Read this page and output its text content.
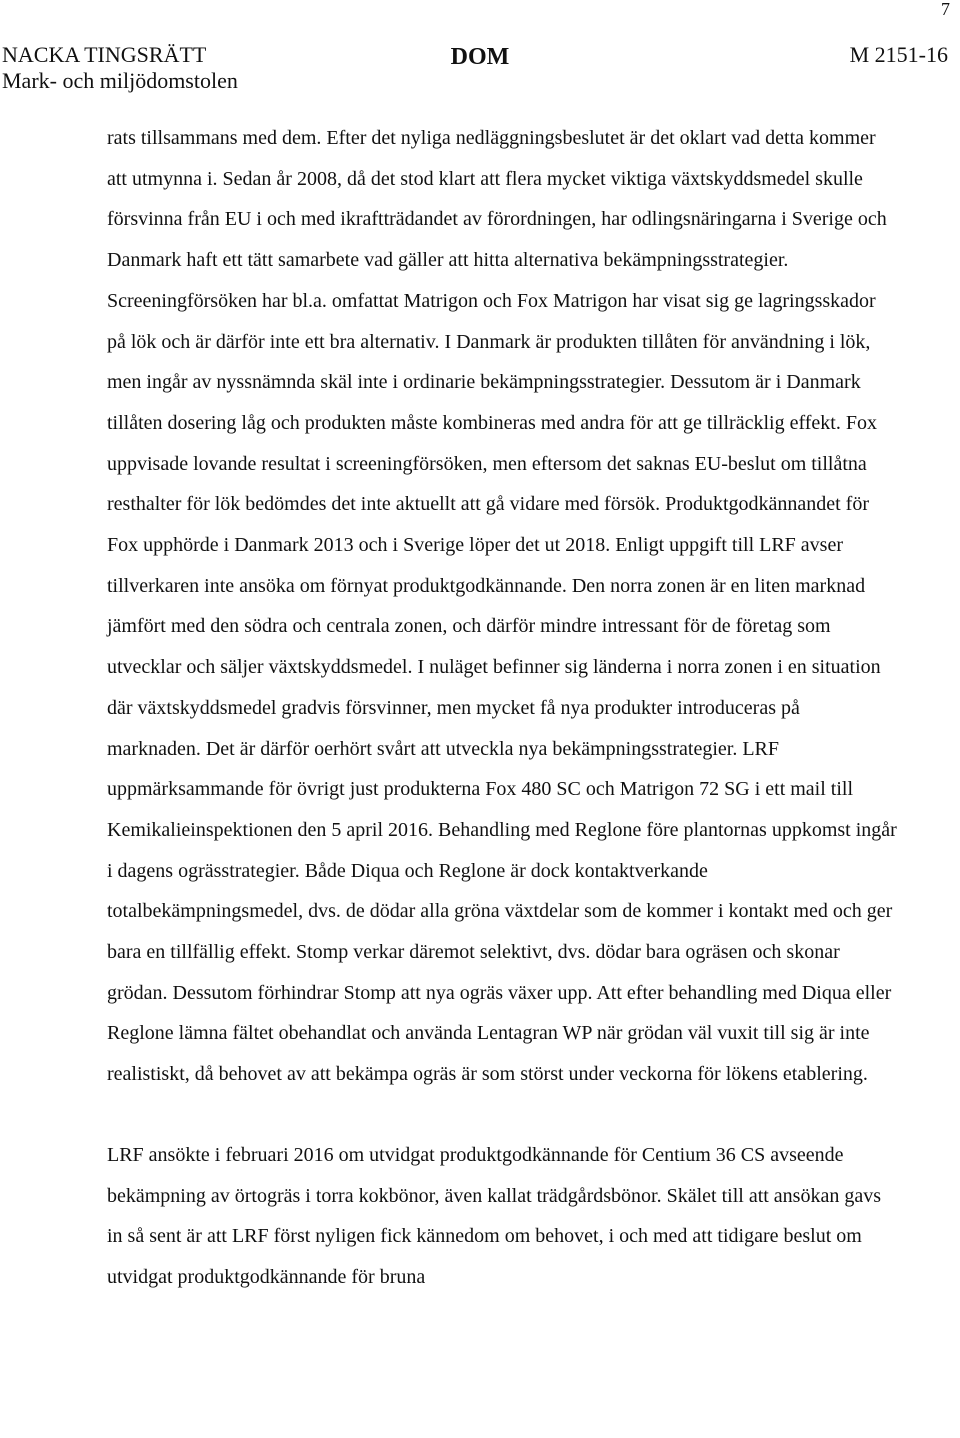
7
NACKA TINGSRÄTT
Mark- och miljödomstolen
DOM	M 2151-16

rats tillsammans med dem. Efter det nyliga nedläggningsbeslutet är det oklart vad detta kommer att utmynna i. Sedan år 2008, då det stod klart att flera mycket viktiga växtskyddsmedel skulle försvinna från EU i och med ikraftträdandet av förordningen, har odlingsnäringarna i Sverige och Danmark haft ett tätt samarbete vad gäller att hitta alternativa bekämpningsstrategier. Screeningförsöken har bl.a. omfattat Matrigon och Fox Matrigon har visat sig ge lagringsskador på lök och är därför inte ett bra alternativ. I Danmark är produkten tillåten för användning i lök, men ingår av nyssnämnda skäl inte i ordinarie bekämpningsstrategier. Dessutom är i Danmark tillåten dosering låg och produkten måste kombineras med andra för att ge tillräcklig effekt. Fox uppvisade lovande resultat i screeningförsöken, men eftersom det saknas EU-beslut om tillåtna resthalter för lök bedömdes det inte aktuellt att gå vidare med försök. Produktgodkännandet för Fox upphörde i Danmark 2013 och i Sverige löper det ut 2018. Enligt uppgift till LRF avser tillverkaren inte ansöka om förnyat produktgodkännande. Den norra zonen är en liten marknad jämfört med den södra och centrala zonen, och därför mindre intressant för de företag som utvecklar och säljer växtskyddsmedel. I nuläget befinner sig länderna i norra zonen i en situation där växtskyddsmedel gradvis försvinner, men mycket få nya produkter introduceras på marknaden. Det är därför oerhört svårt att utveckla nya bekämpningsstrategier. LRF uppmärksammande för övrigt just produkterna Fox 480 SC och Matrigon 72 SG i ett mail till Kemikalieinspektionen den 5 april 2016. Behandling med Reglone före plantornas uppkomst ingår i dagens ogrässtrategier. Både Diqua och Reglone är dock kontaktverkande totalbekämpningsmedel, dvs. de dödar alla gröna växtdelar som de kommer i kontakt med och ger bara en tillfällig effekt. Stomp verkar däremot selektivt, dvs. dödar bara ogräsen och skonar grödan. Dessutom förhindrar Stomp att nya ogräs växer upp. Att efter behandling med Diqua eller Reglone lämna fältet obehandlat och använda Lentagran WP när grödan väl vuxit till sig är inte realistiskt, då behovet av att bekämpa ogräs är som störst under veckorna för lökens etablering.

LRF ansökte i februari 2016 om utvidgat produktgodkännande för Centium 36 CS avseende bekämpning av örtogräs i torra kokbönor, även kallat trädgårdsbönor. Skälet till att ansökan gavs in så sent är att LRF först nyligen fick kännedom om behovet, i och med att tidigare beslut om utvidgat produktgodkännande för bruna
